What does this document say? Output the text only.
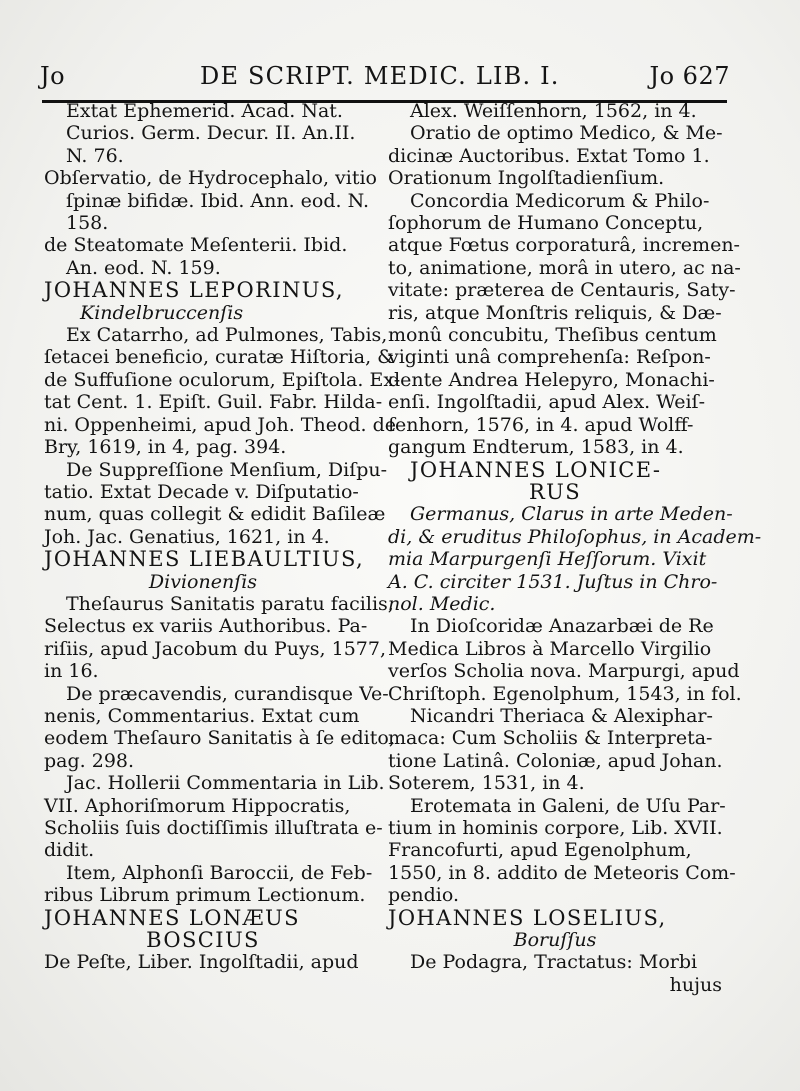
Jo	DE SCRIPT. MEDIC. LIB. I.	Jo 627
Extat Ephemerid. Acad. Nat.
Curios. Germ. Decur. II. An.II.
N. 76.
Obſervatio, de Hydrocephalo, vitio
ſpinæ bifidæ. Ibid. Ann. eod. N.
158.
de Steatomate Meſenterii. Ibid.
An. eod. N. 159.
JOHANNES LEPORINUS,
Kindelbruccenſis
Ex Catarrho, ad Pulmones, Tabis,
ſetacei beneficio, curatæ Hiſtoria, &
de Suffuſione oculorum, Epiſtola. Ex-
tat Cent. 1. Epiſt. Guil. Fabr. Hilda-
ni. Oppenheimi, apud Joh. Theod. de
Bry, 1619, in 4, pag. 394.
De Suppreſſione Menſium, Diſpu-
tatio. Extat Decade v. Diſputatio-
num, quas collegit & edidit Baſileæ
Joh. Jac. Genatius, 1621, in 4.
JOHANNES LIEBAULTIUS,
Divionenſis
Theſaurus Sanitatis paratu facilis,
Selectus ex variis Authoribus. Pa-
riſiis, apud Jacobum du Puys, 1577,
in 16.
De præcavendis, curandisque Ve-
nenis, Commentarius. Extat cum
eodem Theſauro Sanitatis à ſe edito,
pag. 298.
Jac. Hollerii Commentaria in Lib.
VII. Aphoriſmorum Hippocratis,
Scholiis ſuis doctiſſimis illuſtrata e-
didit.
Item, Alphonſi Baroccii, de Feb-
ribus Librum primum Lectionum.
JOHANNES LONÆUS
BOSCIUS
De Peſte, Liber. Ingolſtadii, apud
Alex. Weiſſenhorn, 1562, in 4.
Oratio de optimo Medico, & Me-
dicinæ Auctoribus. Extat Tomo 1.
Orationum Ingolſtadienſium.
Concordia Medicorum & Philo-
ſophorum de Humano Conceptu,
atque Fœtus corporaturâ, incremen-
to, animatione, morâ in utero, ac na-
vitate: præterea de Centauris, Saty-
ris, atque Monſtris reliquis, & Dæ-
monû concubitu, Theſibus centum
viginti unâ comprehenſa: Reſpon-
dente Andrea Helepyro, Monachi-
enſi. Ingolſtadii, apud Alex. Weiſ-
ſenhorn, 1576, in 4. apud Wolff-
gangum Endterum, 1583, in 4.
JOHANNES LONICE-
RUS
Germanus, Clarus in arte Meden-
di, & eruditus Philoſophus, in Academ-
mia Marpurgenſi Heſſorum. Vixit
A. C. circiter 1531. Juſtus in Chro-
nol. Medic.
In Dioſcoridæ Anazarbæi de Re
Medica Libros à Marcello Virgilio
verſos Scholia nova. Marpurgi, apud
Chriſtoph. Egenolphum, 1543, in fol.
Nicandri Theriaca & Alexiphar-
maca: Cum Scholiis & Interpreta-
tione Latinâ. Coloniæ, apud Johan.
Soterem, 1531, in 4.
Erotemata in Galeni, de Uſu Par-
tium in hominis corpore, Lib. XVII.
Francofurti, apud Egenolphum,
1550, in 8. addito de Meteoris Com-
pendio.
JOHANNES LOSELIUS,
Boruſſus
De Podagra, Tractatus: Morbi
hujus
